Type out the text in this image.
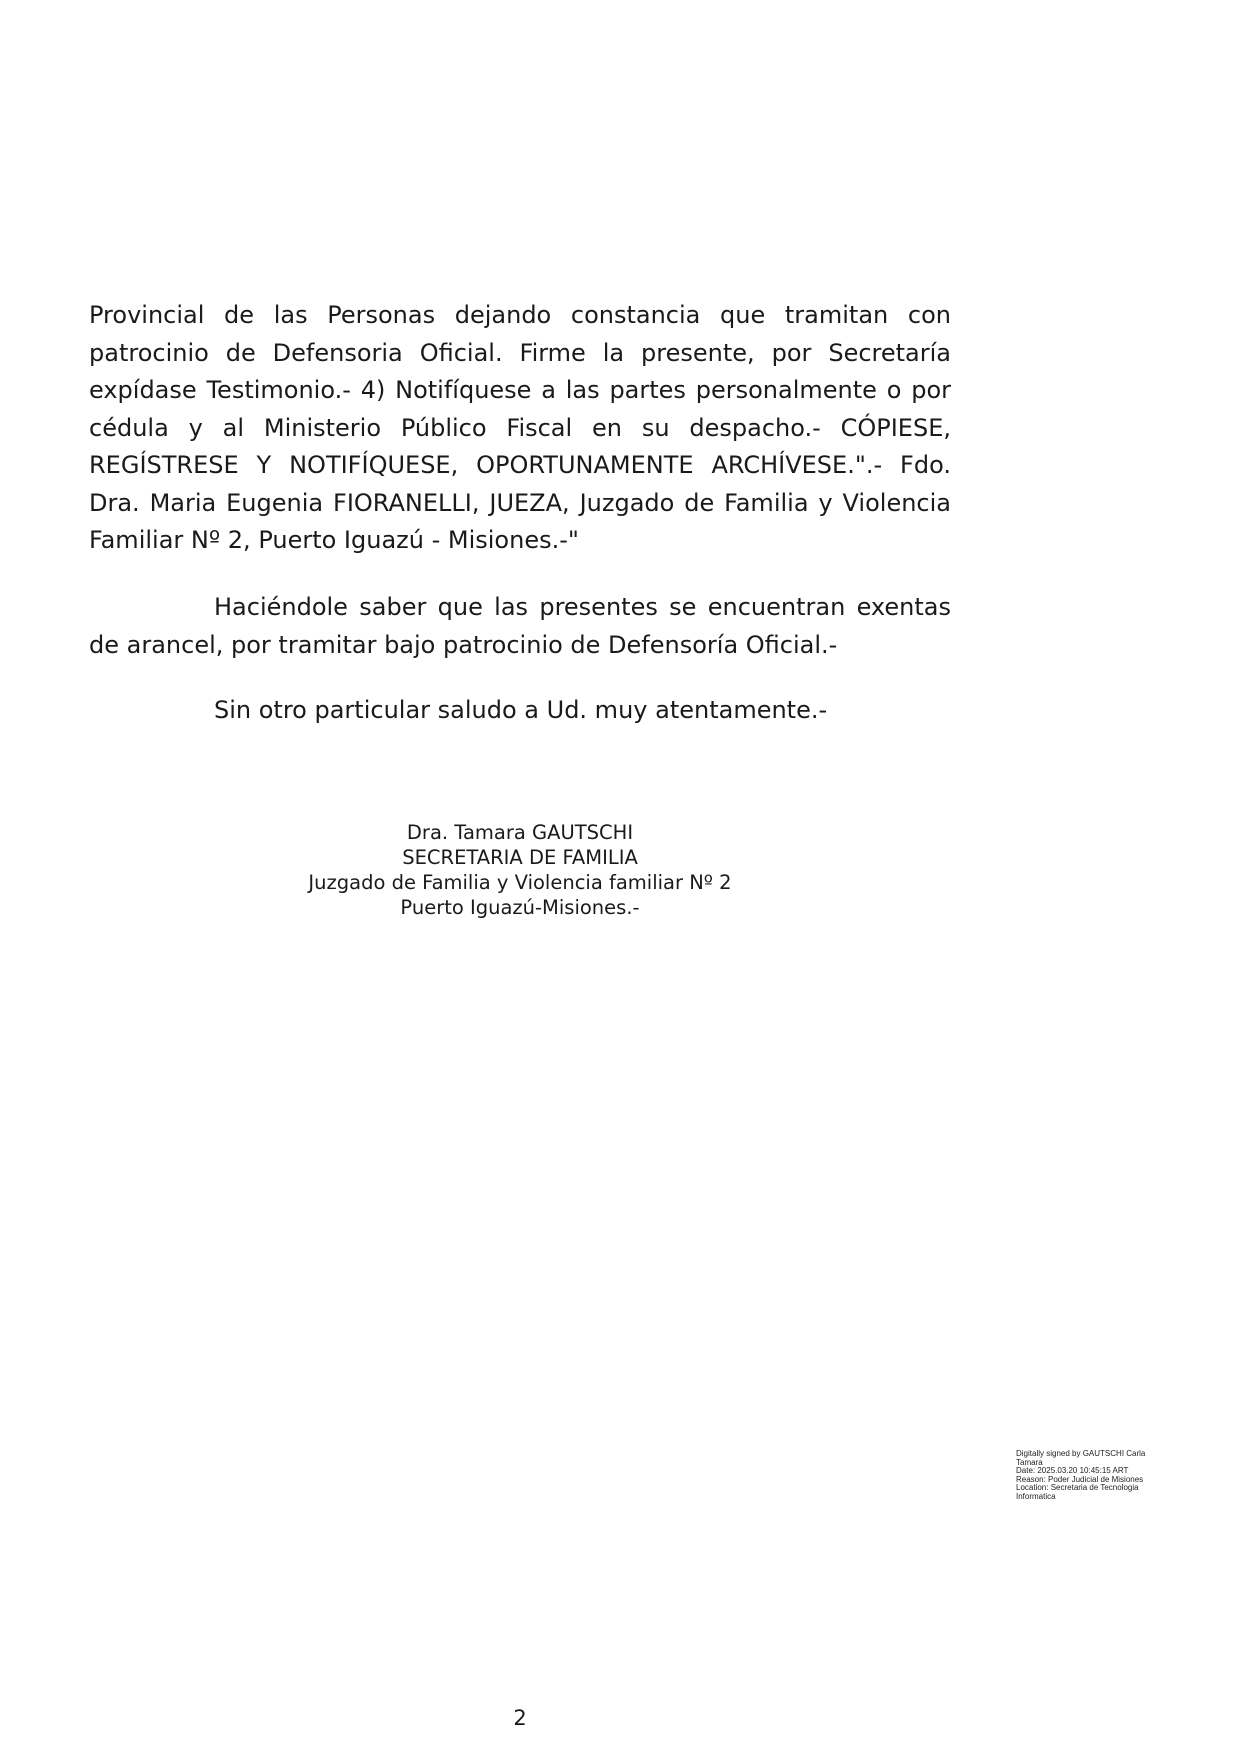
Provincial de las Personas dejando constancia que tramitan con patrocinio de Defensoria Oficial. Firme la presente, por Secretaría expídase Testimonio.- 4) Notifíquese a las partes personalmente o por cédula y al Ministerio Público Fiscal en su despacho.- CÓPIESE, REGÍSTRESE Y NOTIFÍQUESE, OPORTUNAMENTE ARCHÍVESE.".- Fdo. Dra. Maria Eugenia FIORANELLI, JUEZA, Juzgado de Familia y Violencia Familiar Nº 2, Puerto Iguazú - Misiones.-"

Haciéndole saber que las presentes se encuentran exentas de arancel, por tramitar bajo patrocinio de Defensoría Oficial.-

Sin otro particular saludo a Ud. muy atentamente.-

Dra. Tamara GAUTSCHI
SECRETARIA DE FAMILIA
Juzgado de Familia y Violencia familiar Nº 2
Puerto Iguazú-Misiones.-
Digitally signed by GAUTSCHI Carla
Tamara
Date: 2025.03.20 10:45:15 ART
Reason: Poder Judicial de Misiones
Location: Secretaria de Tecnologia
Informatica
2
